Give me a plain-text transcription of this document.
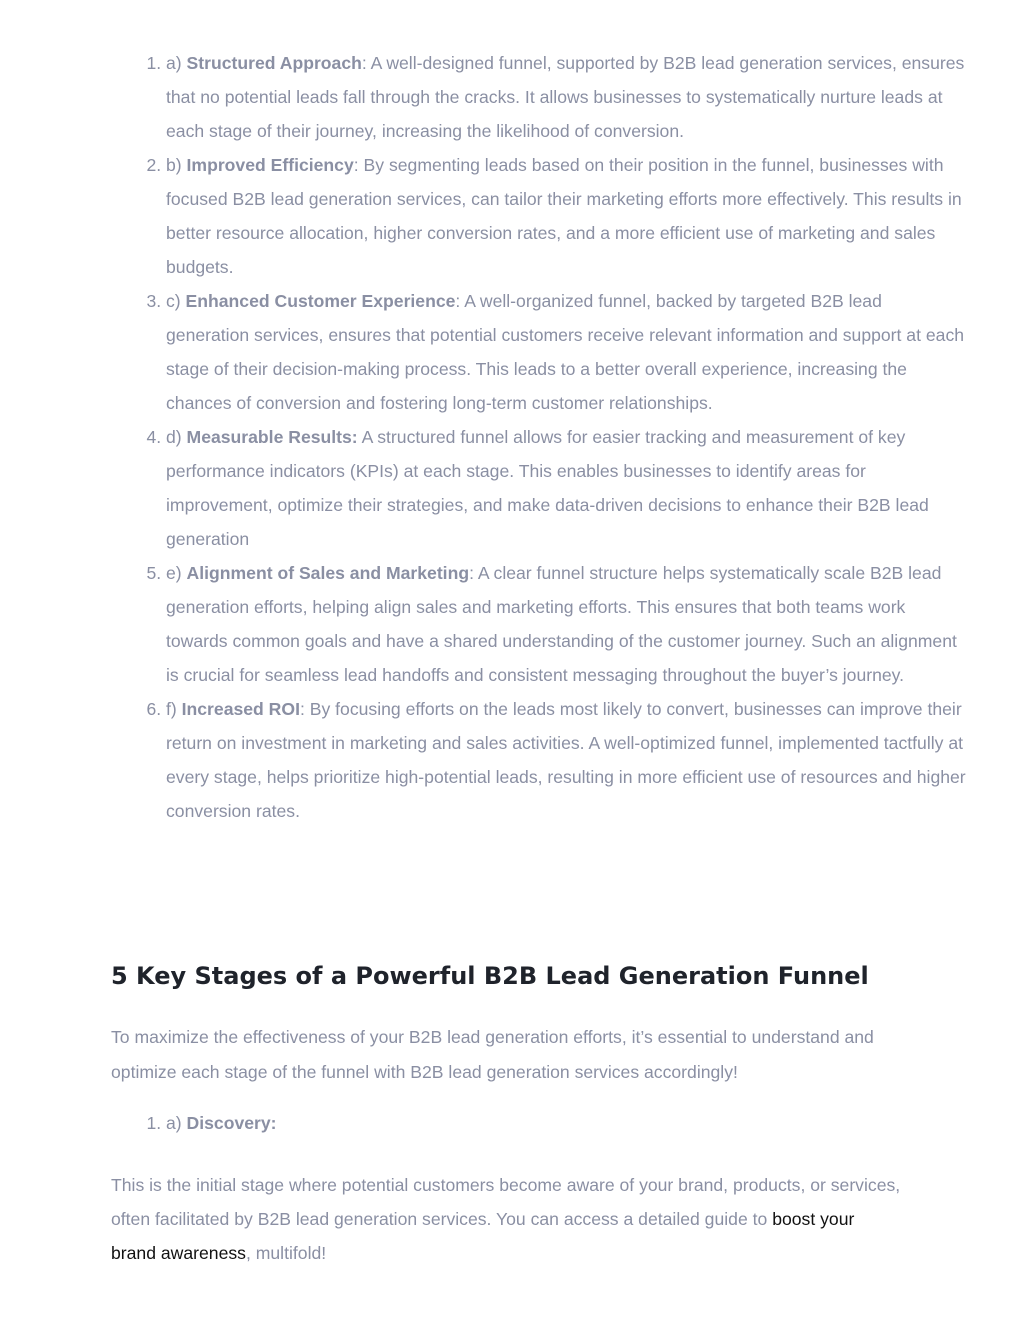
1. a) Structured Approach: A well-designed funnel, supported by B2B lead generation services, ensures that no potential leads fall through the cracks. It allows businesses to systematically nurture leads at each stage of their journey, increasing the likelihood of conversion.
2. b) Improved Efficiency: By segmenting leads based on their position in the funnel, businesses with focused B2B lead generation services, can tailor their marketing efforts more effectively. This results in better resource allocation, higher conversion rates, and a more efficient use of marketing and sales budgets.
3. c) Enhanced Customer Experience: A well-organized funnel, backed by targeted B2B lead generation services, ensures that potential customers receive relevant information and support at each stage of their decision-making process. This leads to a better overall experience, increasing the chances of conversion and fostering long-term customer relationships.
4. d) Measurable Results: A structured funnel allows for easier tracking and measurement of key performance indicators (KPIs) at each stage. This enables businesses to identify areas for improvement, optimize their strategies, and make data-driven decisions to enhance their B2B lead generation
5. e) Alignment of Sales and Marketing: A clear funnel structure helps systematically scale B2B lead generation efforts, helping align sales and marketing efforts. This ensures that both teams work towards common goals and have a shared understanding of the customer journey. Such an alignment is crucial for seamless lead handoffs and consistent messaging throughout the buyer’s journey.
6. f) Increased ROI: By focusing efforts on the leads most likely to convert, businesses can improve their return on investment in marketing and sales activities. A well-optimized funnel, implemented tactfully at every stage, helps prioritize high-potential leads, resulting in more efficient use of resources and higher conversion rates.
5 Key Stages of a Powerful B2B Lead Generation Funnel

To maximize the effectiveness of your B2B lead generation efforts, it’s essential to understand and optimize each stage of the funnel with B2B lead generation services accordingly!

1. a) Discovery:

This is the initial stage where potential customers become aware of your brand, products, or services, often facilitated by B2B lead generation services. You can access a detailed guide to boost your brand awareness, multifold!
